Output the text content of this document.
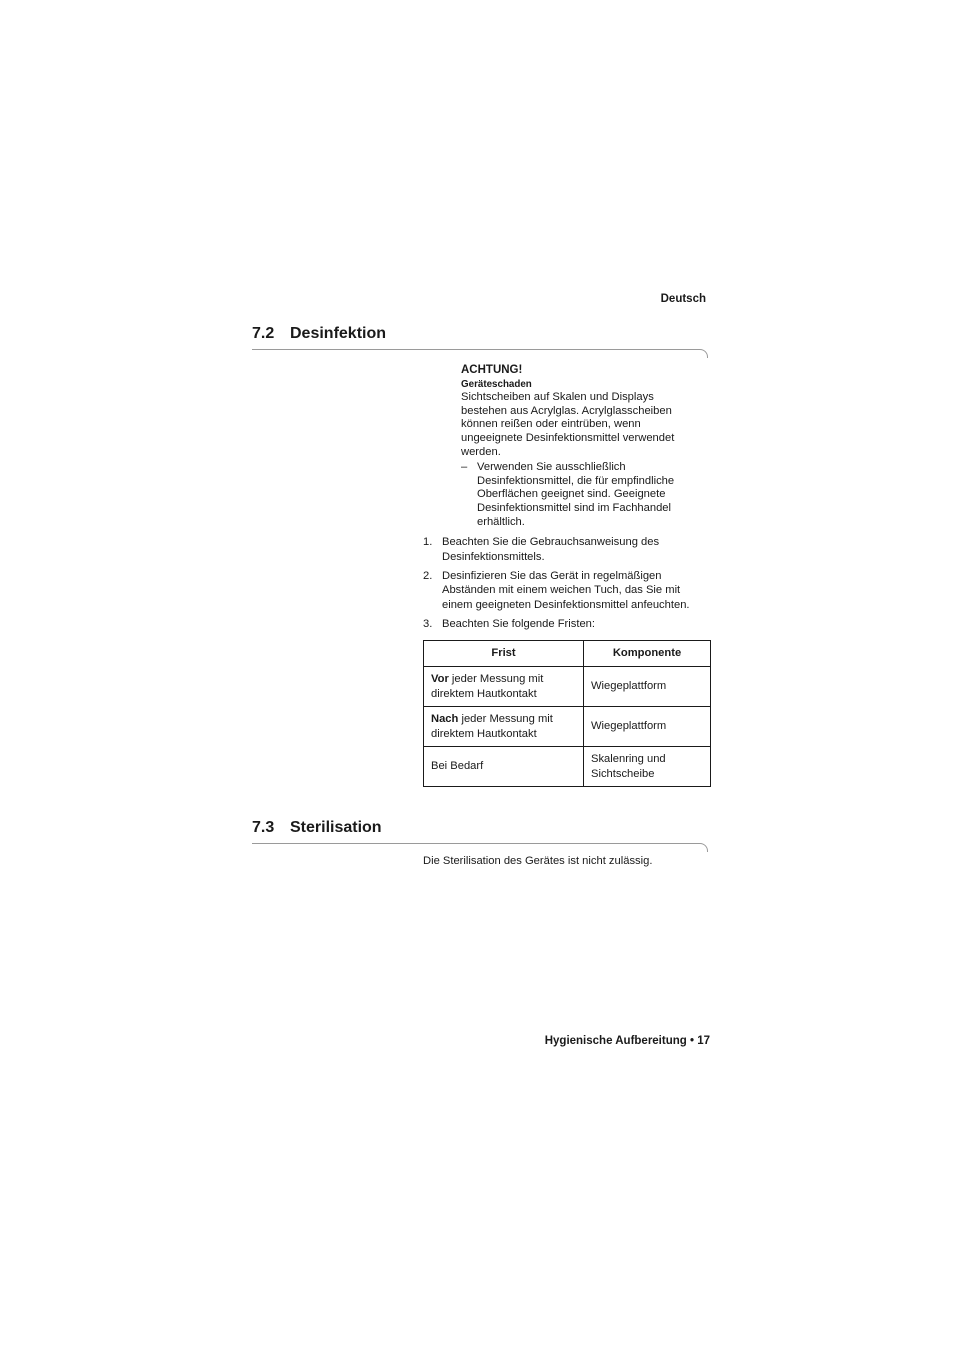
Deutsch
7.2 Desinfektion
ACHTUNG!
Geräteschaden
Sichtscheiben auf Skalen und Displays
bestehen aus Acrylglas. Acrylglasscheiben
können reißen oder eintrüben, wenn
ungeeignete Desinfektionsmittel verwendet
werden.
– Verwenden Sie ausschließlich
Desinfektionsmittel, die für empfindliche
Oberflächen geeignet sind. Geeignete
Desinfektionsmittel sind im Fachhandel
erhältlich.
1. Beachten Sie die Gebrauchsanweisung des
Desinfektionsmittels.
2. Desinfizieren Sie das Gerät in regelmäßigen
Abständen mit einem weichen Tuch, das Sie mit
einem geeigneten Desinfektionsmittel anfeuchten.
3. Beachten Sie folgende Fristen:
Frist	Komponente

Vor jeder Messung mit
direktem Hautkontakt	Wiegeplattform

Nach jeder Messung mit
direktem Hautkontakt	Wiegeplattform

Bei Bedarf	Skalenring und
Sichtscheibe
7.3 Sterilisation
Die Sterilisation des Gerätes ist nicht zulässig.
Hygienische Aufbereitung • 17
